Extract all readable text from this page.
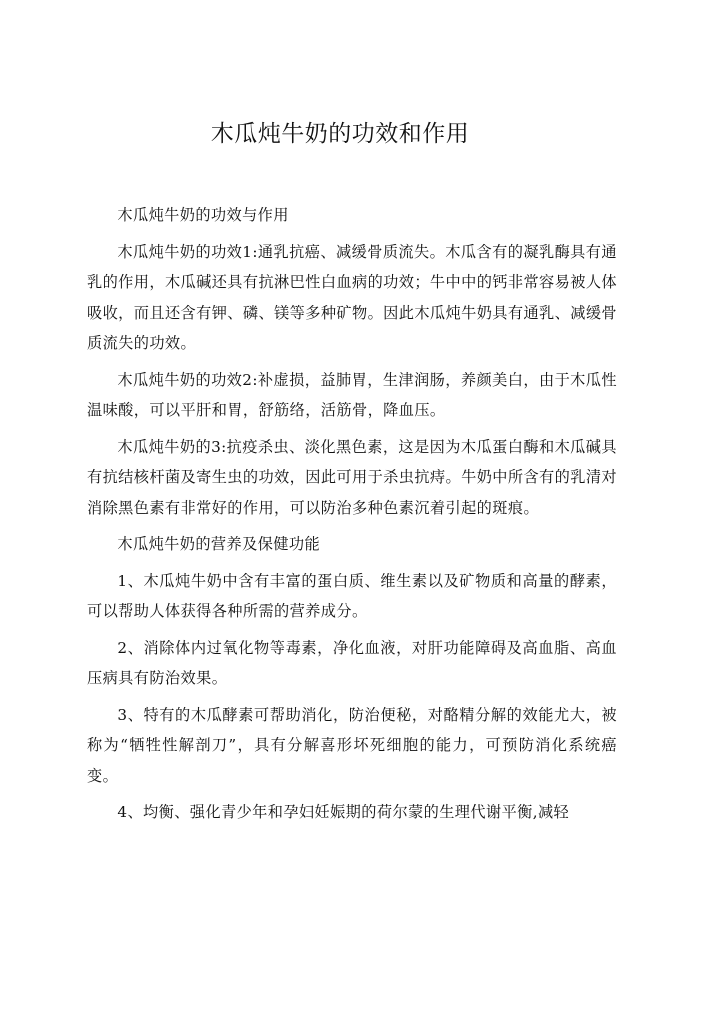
木瓜炖牛奶的功效和作用

木瓜炖牛奶的功效与作用

木瓜炖牛奶的功效1:通乳抗癌、减缓骨质流失。木瓜含有的凝乳酶具有通乳的作用，木瓜碱还具有抗淋巴性白血病的功效；牛中中的钙非常容易被人体吸收，而且还含有钾、磷、镁等多种矿物。因此木瓜炖牛奶具有通乳、减缓骨质流失的功效。

木瓜炖牛奶的功效2:补虚损，益肺胃，生津润肠，养颜美白，由于木瓜性温味酸，可以平肝和胃，舒筋络，活筋骨，降血压。

木瓜炖牛奶的3:抗疫杀虫、淡化黑色素，这是因为木瓜蛋白酶和木瓜碱具有抗结核杆菌及寄生虫的功效，因此可用于杀虫抗痔。牛奶中所含有的乳清对消除黑色素有非常好的作用，可以防治多种色素沉着引起的斑痕。

木瓜炖牛奶的营养及保健功能

1、木瓜炖牛奶中含有丰富的蛋白质、维生素以及矿物质和高量的酵素，可以帮助人体获得各种所需的营养成分。

2、消除体内过氧化物等毒素，净化血液，对肝功能障碍及高血脂、高血压病具有防治效果。

3、特有的木瓜酵素可帮助消化，防治便秘，对酪精分解的效能尤大，被称为“牺牲性解剖刀”，具有分解喜形坏死细胞的能力，可预防消化系统癌变。

4、均衡、强化青少年和孕妇妊娠期的荷尔蒙的生理代谢平衡,减轻
